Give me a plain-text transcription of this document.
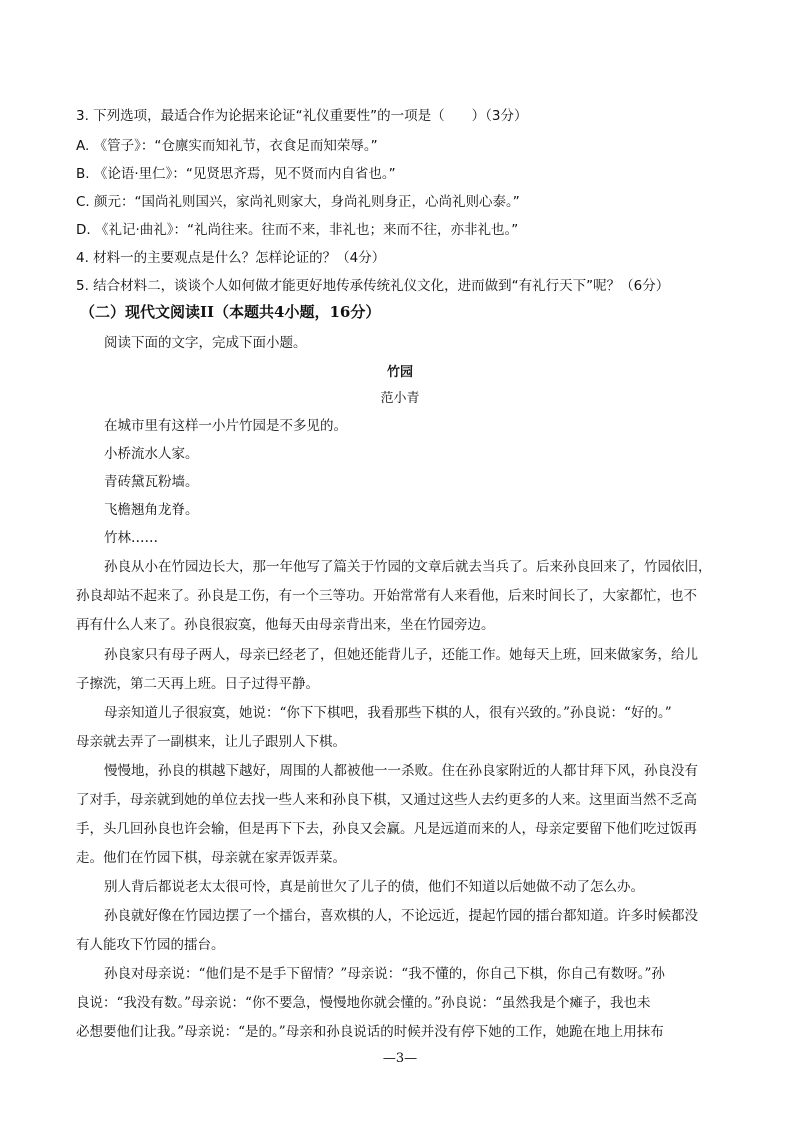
3. 下列选项，最适合作为论据来论证“礼仪重要性”的一项是（　　）（3分）
A. 《管子》：“仓廪实而知礼节，衣食足而知荣辱。”
B. 《论语·里仁》：“见贤思齐焉，见不贤而内自省也。”
C. 颜元：“国尚礼则国兴，家尚礼则家大，身尚礼则身正，心尚礼则心泰。”
D. 《礼记·曲礼》：“礼尚往来。往而不来，非礼也；来而不往，亦非礼也。”
4. 材料一的主要观点是什么？怎样论证的？（4分）
5. 结合材料二，谈谈个人如何做才能更好地传承传统礼仪文化，进而做到“有礼行天下”呢？（6分）
（二）现代文阅读II（本题共4小题，16分）
阅读下面的文字，完成下面小题。
竹园
范小青
在城市里有这样一小片竹园是不多见的。
小桥流水人家。
青砖黛瓦粉墙。
飞檐翘角龙脊。
竹林……
孙良从小在竹园边长大，那一年他写了篇关于竹园的文章后就去当兵了。后来孙良回来了，竹园依旧，
孙良却站不起来了。孙良是工伤，有一个三等功。开始常常有人来看他，后来时间长了，大家都忙，也不
再有什么人来了。孙良很寂寞，他每天由母亲背出来，坐在竹园旁边。
孙良家只有母子两人，母亲已经老了，但她还能背儿子，还能工作。她每天上班，回来做家务，给儿
子擦洗，第二天再上班。日子过得平静。
母亲知道儿子很寂寞，她说：“你下下棋吧，我看那些下棋的人，很有兴致的。”孙良说：“好的。”
母亲就去弄了一副棋来，让儿子跟别人下棋。
慢慢地，孙良的棋越下越好，周围的人都被他一一杀败。住在孙良家附近的人都甘拜下风，孙良没有
了对手，母亲就到她的单位去找一些人来和孙良下棋，又通过这些人去约更多的人来。这里面当然不乏高
手，头几回孙良也许会输，但是再下下去，孙良又会赢。凡是远道而来的人，母亲定要留下他们吃过饭再
走。他们在竹园下棋，母亲就在家弄饭弄菜。
别人背后都说老太太很可怜，真是前世欠了儿子的债，他们不知道以后她做不动了怎么办。
孙良就好像在竹园边摆了一个擂台，喜欢棋的人，不论远近，提起竹园的擂台都知道。许多时候都没
有人能攻下竹园的擂台。
孙良对母亲说：“他们是不是手下留情？”母亲说：“我不懂的，你自己下棋，你自己有数呀。”孙
良说：“我没有数。”母亲说：“你不要急，慢慢地你就会懂的。”孙良说：“虽然我是个瘫子，我也未
必想要他们让我。”母亲说：“是的。”母亲和孙良说话的时候并没有停下她的工作，她跪在地上用抹布
—3—
